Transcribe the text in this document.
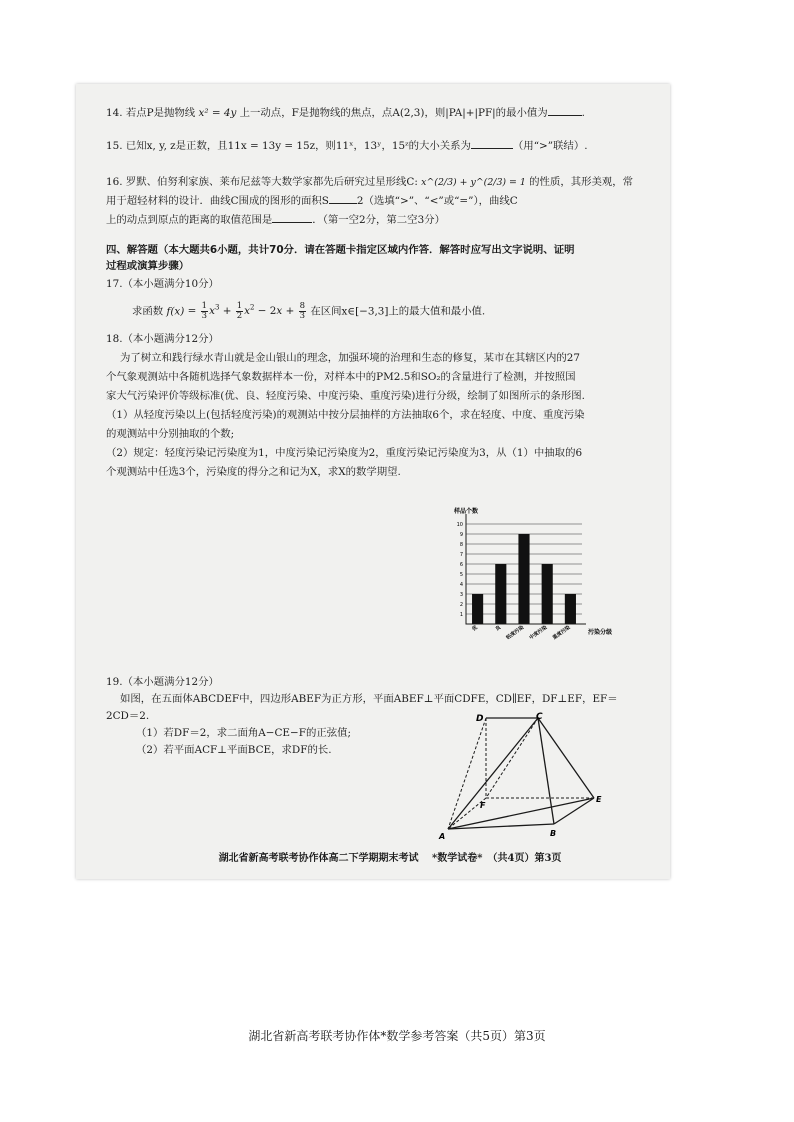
14. 若点P是抛物线 x² = 4y 上一动点，F是抛物线的焦点，点A(2,3)，则|PA|+|PF|的最小值为	.
15. 已知x, y, z是正数，且11x = 13y = 15z，则11ˣ，13ʸ，15ᶻ的大小关系为	（用“>”联结）.
16. 罗默、伯努利家族、莱布尼兹等大数学家都先后研究过星形线C: x^(2/3) + y^(2/3) = 1 的性质，其形美观，常
用于超轻材料的设计．曲线C围成的图形的面积S	2（选填“>”、“<”或“=”），曲线C
上的动点到原点的距离的取值范围是	．（第一空2分，第二空3分）
四、解答题（本大题共6小题，共计70分．请在答题卡指定区域内作答．解答时应写出文字说明、证明
过程或演算步骤）
17.（本小题满分10分）
求函数 $f(x) = \frac{1}{3} x^3 + \frac{1}{2} x^2 - 2x + \frac{8}{3}$ 在区间x∈[−3,3]上的最大值和最小值.
18.（本小题满分12分）
为了树立和践行绿水青山就是金山银山的理念，加强环境的治理和生态的修复，某市在其辖区内的27
个气象观测站中各随机选择气象数据样本一份，对样本中的PM2.5和SO₂的含量进行了检测，并按照国
家大气污染评价等级标准(优、良、轻度污染、中度污染、重度污染)进行分级，绘制了如图所示的条形图.
（1）从轻度污染以上(包括轻度污染)的观测站中按分层抽样的方法抽取6个，求在轻度、中度、重度污染
的观测站中分别抽取的个数;
（2）规定：轻度污染记污染度为1，中度污染记污染度为2，重度污染记污染度为3，从（1）中抽取的6
个观测站中任选3个，污染度的得分之和记为X，求X的数学期望.
样品个数
1
2
3
4
5
6
7
8
9
10
优	良 轻度污染 中度污染 重度污染	污染分级
19.（本小题满分12分）
如图，在五面体ABCDEF中，四边形ABEF为正方形，平面ABEF⊥平面CDFE，CD∥EF，DF⊥EF，EF＝
2CD＝2.
（1）若DF＝2，求二面角A−CE−F的正弦值;
（2）若平面ACF⊥平面BCE，求DF的长.
D	C
F
E
A	B
湖北省新高考联考协作体高二下学期期末考试　 *数学试卷*　（共4页）第3页
湖北省新高考联考协作体*数学参考答案（共5页）第3页
